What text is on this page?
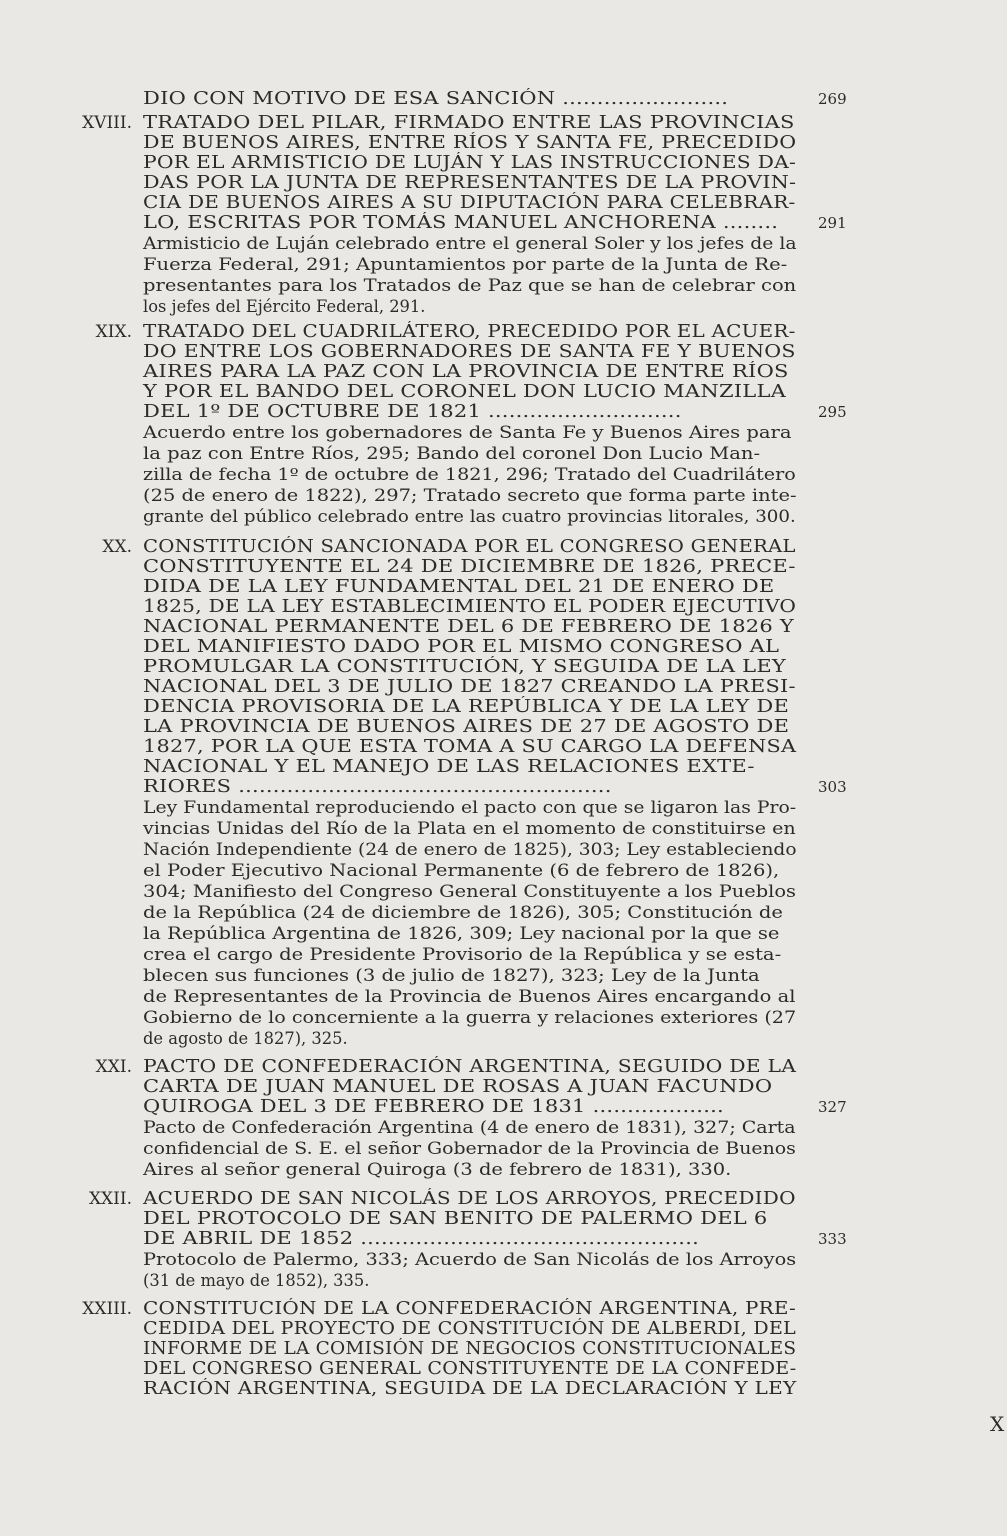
DIO CON MOTIVO DE ESA SANCIÓN ........................	269
XVIII. TRATADO DEL PILAR, FIRMADO ENTRE LAS PROVINCIAS
DE BUENOS AIRES, ENTRE RÍOS Y SANTA FE, PRECEDIDO
POR EL ARMISTICIO DE LUJÁN Y LAS INSTRUCCIONES DA-
DAS POR LA JUNTA DE REPRESENTANTES DE LA PROVIN-
CIA DE BUENOS AIRES A SU DIPUTACIÓN PARA CELEBRAR-
LO, ESCRITAS POR TOMÁS MANUEL ANCHORENA ........	291
Armisticio de Luján celebrado entre el general Soler y los jefes de la
Fuerza Federal, 291; Apuntamientos por parte de la Junta de Re-
presentantes para los Tratados de Paz que se han de celebrar con
los jefes del Ejército Federal, 291.
XIX. TRATADO DEL CUADRILÁTERO, PRECEDIDO POR EL ACUER-
DO ENTRE LOS GOBERNADORES DE SANTA FE Y BUENOS
AIRES PARA LA PAZ CON LA PROVINCIA DE ENTRE RÍOS
Y POR EL BANDO DEL CORONEL DON LUCIO MANZILLA
DEL 1º DE OCTUBRE DE 1821 ............................	295
Acuerdo entre los gobernadores de Santa Fe y Buenos Aires para
la paz con Entre Ríos, 295; Bando del coronel Don Lucio Man-
zilla de fecha 1º de octubre de 1821, 296; Tratado del Cuadrilátero
(25 de enero de 1822), 297; Tratado secreto que forma parte inte-
grante del público celebrado entre las cuatro provincias litorales, 300.
XX. CONSTITUCIÓN SANCIONADA POR EL CONGRESO GENERAL
CONSTITUYENTE EL 24 DE DICIEMBRE DE 1826, PRECE-
DIDA DE LA LEY FUNDAMENTAL DEL 21 DE ENERO DE
1825, DE LA LEY ESTABLECIMIENTO EL PODER EJECUTIVO
NACIONAL PERMANENTE DEL 6 DE FEBRERO DE 1826 Y
DEL MANIFIESTO DADO POR EL MISMO CONGRESO AL
PROMULGAR LA CONSTITUCIÓN, Y SEGUIDA DE LA LEY
NACIONAL DEL 3 DE JULIO DE 1827 CREANDO LA PRESI-
DENCIA PROVISORIA DE LA REPÚBLICA Y DE LA LEY DE
LA PROVINCIA DE BUENOS AIRES DE 27 DE AGOSTO DE
1827, POR LA QUE ESTA TOMA A SU CARGO LA DEFENSA
NACIONAL Y EL MANEJO DE LAS RELACIONES EXTE-
RIORES ......................................................	303
Ley Fundamental reproduciendo el pacto con que se ligaron las Pro-
vincias Unidas del Río de la Plata en el momento de constituirse en
Nación Independiente (24 de enero de 1825), 303; Ley estableciendo
el Poder Ejecutivo Nacional Permanente (6 de febrero de 1826),
304; Manifiesto del Congreso General Constituyente a los Pueblos
de la República (24 de diciembre de 1826), 305; Constitución de
la República Argentina de 1826, 309; Ley nacional por la que se
crea el cargo de Presidente Provisorio de la República y se esta-
blecen sus funciones (3 de julio de 1827), 323; Ley de la Junta
de Representantes de la Provincia de Buenos Aires encargando al
Gobierno de lo concerniente a la guerra y relaciones exteriores (27
de agosto de 1827), 325.
XXI. PACTO DE CONFEDERACIÓN ARGENTINA, SEGUIDO DE LA
CARTA DE JUAN MANUEL DE ROSAS A JUAN FACUNDO
QUIROGA DEL 3 DE FEBRERO DE 1831 ...................	327
Pacto de Confederación Argentina (4 de enero de 1831), 327; Carta
confidencial de S. E. el señor Gobernador de la Provincia de Buenos
Aires al señor general Quiroga (3 de febrero de 1831), 330.
XXII. ACUERDO DE SAN NICOLÁS DE LOS ARROYOS, PRECEDIDO
DEL PROTOCOLO DE SAN BENITO DE PALERMO DEL 6
DE ABRIL DE 1852 .................................................	333
Protocolo de Palermo, 333; Acuerdo de San Nicolás de los Arroyos
(31 de mayo de 1852), 335.
XXIII. CONSTITUCIÓN DE LA CONFEDERACIÓN ARGENTINA, PRE-
CEDIDA DEL PROYECTO DE CONSTITUCIÓN DE ALBERDI, DEL
INFORME DE LA COMISIÓN DE NEGOCIOS CONSTITUCIONALES
DEL CONGRESO GENERAL CONSTITUYENTE DE LA CONFEDE-
RACIÓN ARGENTINA, SEGUIDA DE LA DECLARACIÓN Y LEY
X
